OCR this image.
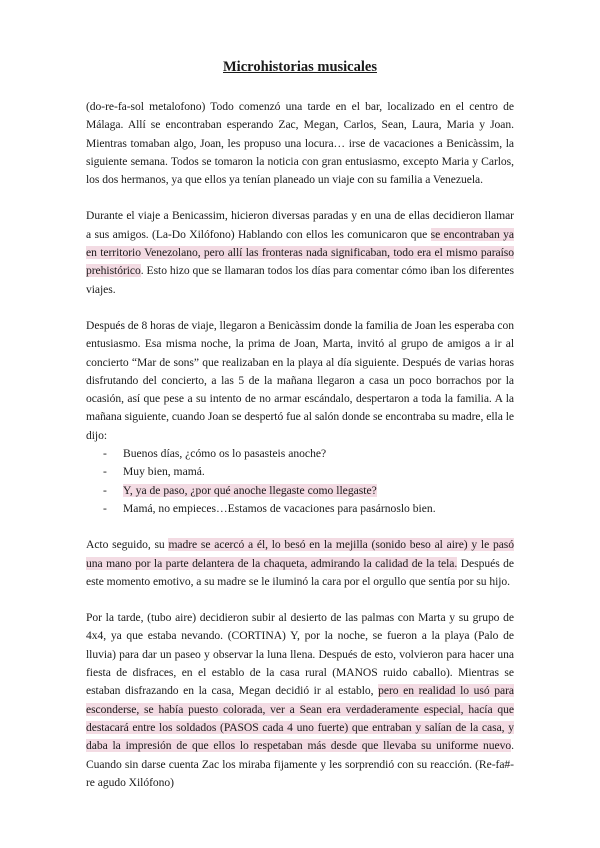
Microhistorias musicales

(do-re-fa-sol metalofono) Todo comenzó una tarde en el bar, localizado en el centro de Málaga. Allí se encontraban esperando Zac, Megan, Carlos, Sean, Laura, Maria y Joan. Mientras tomaban algo, Joan, les propuso una locura… irse de vacaciones a Benicàssim, la siguiente semana. Todos se tomaron la noticia con gran entusiasmo, excepto Maria y Carlos, los dos hermanos, ya que ellos ya tenían planeado un viaje con su familia a Venezuela.

Durante el viaje a Benicassim, hicieron diversas paradas y en una de ellas decidieron llamar a sus amigos. (La-Do Xilófono) Hablando con ellos les comunicaron que se encontraban ya en territorio Venezolano, pero allí las fronteras nada significaban, todo era el mismo paraíso prehistórico. Esto hizo que se llamaran todos los días para comentar cómo iban los diferentes viajes.

Después de 8 horas de viaje, llegaron a Benicàssim donde la familia de Joan les esperaba con entusiasmo. Esa misma noche, la prima de Joan, Marta, invitó al grupo de amigos a ir al concierto “Mar de sons” que realizaban en la playa al día siguiente. Después de varias horas disfrutando del concierto, a las 5 de la mañana llegaron a casa un poco borrachos por la ocasión, así que pese a su intento de no armar escándalo, despertaron a toda la familia. A la mañana siguiente, cuando Joan se despertó fue al salón donde se encontraba su madre, ella le dijo:

- Buenos días, ¿cómo os lo pasasteis anoche?
- Muy bien, mamá.
- Y, ya de paso, ¿por qué anoche llegaste como llegaste?
- Mamá, no empieces…Estamos de vacaciones para pasárnoslo bien.

Acto seguido, su madre se acercó a él, lo besó en la mejilla (sonido beso al aire) y le pasó una mano por la parte delantera de la chaqueta, admirando la calidad de la tela. Después de este momento emotivo, a su madre se le iluminó la cara por el orgullo que sentía por su hijo.

Por la tarde, (tubo aire) decidieron subir al desierto de las palmas con Marta y su grupo de 4x4, ya que estaba nevando. (CORTINA) Y, por la noche, se fueron a la playa (Palo de lluvia) para dar un paseo y observar la luna llena. Después de esto, volvieron para hacer una fiesta de disfraces, en el establo de la casa rural (MANOS ruido caballo). Mientras se estaban disfrazando en la casa, Megan decidió ir al establo, pero en realidad lo usó para esconderse, se había puesto colorada, ver a Sean era verdaderamente especial, hacía que destacará entre los soldados (PASOS cada 4 uno fuerte) que entraban y salían de la casa, y daba la impresión de que ellos lo respetaban más desde que llevaba su uniforme nuevo. Cuando sin darse cuenta Zac los miraba fijamente y les sorprendió con su reacción. (Re-fa#-re agudo Xilófono)
